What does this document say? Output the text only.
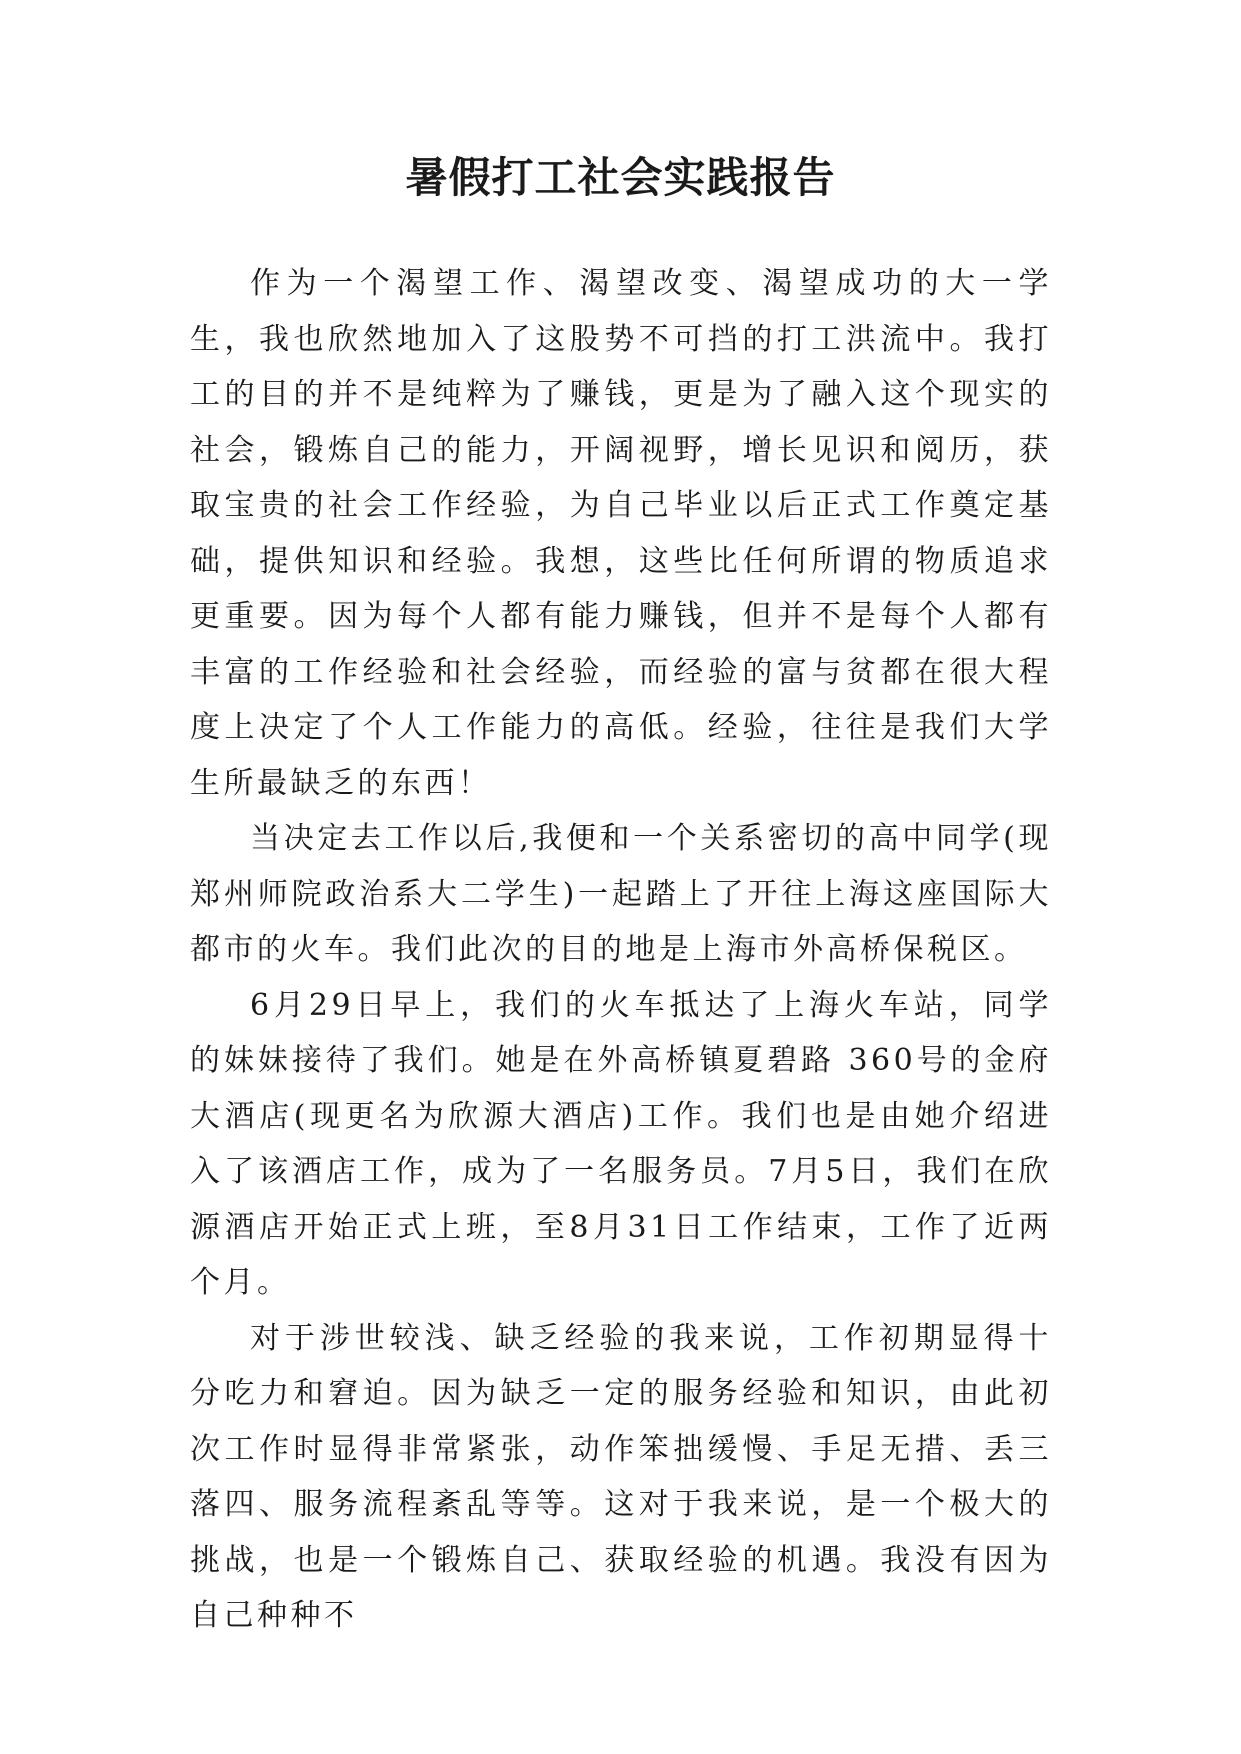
暑假打工社会实践报告

作为一个渴望工作、渴望改变、渴望成功的大一学生，我也欣然地加入了这股势不可挡的打工洪流中。我打工的目的并不是纯粹为了赚钱，更是为了融入这个现实的社会，锻炼自己的能力，开阔视野，增长见识和阅历，获取宝贵的社会工作经验，为自己毕业以后正式工作奠定基础，提供知识和经验。我想，这些比任何所谓的物质追求更重要。因为每个人都有能力赚钱，但并不是每个人都有丰富的工作经验和社会经验，而经验的富与贫都在很大程度上决定了个人工作能力的高低。经验，往往是我们大学生所最缺乏的东西！

当决定去工作以后,我便和一个关系密切的高中同学(现郑州师院政治系大二学生)一起踏上了开往上海这座国际大都市的火车。我们此次的目的地是上海市外高桥保税区。

6月29日早上，我们的火车抵达了上海火车站，同学的妹妹接待了我们。她是在外高桥镇夏碧路 360号的金府大酒店(现更名为欣源大酒店)工作。我们也是由她介绍进入了该酒店工作，成为了一名服务员。7月5日，我们在欣源酒店开始正式上班，至8月31日工作结束，工作了近两个月。

对于涉世较浅、缺乏经验的我来说，工作初期显得十分吃力和窘迫。因为缺乏一定的服务经验和知识，由此初次工作时显得非常紧张，动作笨拙缓慢、手足无措、丢三落四、服务流程紊乱等等。这对于我来说，是一个极大的挑战，也是一个锻炼自己、获取经验的机遇。我没有因为自己种种不
